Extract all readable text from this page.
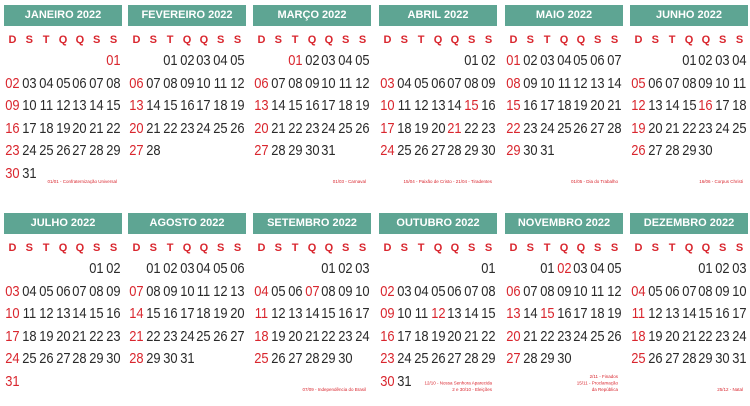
JANEIRO 2022
D S T Q Q S S
01
02 03 04 05 06 07 08
09 10 11 12 13 14 15
16 17 18 19 20 21 22
23 24 25 26 27 28 29
30 31	01/01 - Confraternização Universal
FEVEREIRO 2022
D S T Q Q S S
01 02 03 04 05
06 07 08 09 10 11 12
13 14 15 16 17 18 19
20 21 22 23 24 25 26
27 28
MARÇO 2022
D S T Q Q S S
01 02 03 04 05
06 07 08 09 10 11 12
13 14 15 16 17 18 19
20 21 22 23 24 25 26
27 28 29 30 31
01/03 - Carnaval
ABRIL 2022
D S T Q Q S S
01 02
03 04 05 06 07 08 09
10 11 12 13 14 15 16
17 18 19 20 21 22 23
24 25 26 27 28 29 30
15/04 - Paixão de Cristo - 21/04 - Tiradentes
MAIO 2022
D S T Q Q S S
01 02 03 04 05 06 07
08 09 10 11 12 13 14
15 16 17 18 19 20 21
22 23 24 25 26 27 28
29 30 31
01/05 - Dia do Trabalho
JUNHO 2022
D S T Q Q S S
01 02 03 04
05 06 07 08 09 10 11
12 13 14 15 16 17 18
19 20 21 22 23 24 25
26 27 28 29 30
16/06 - Corpus Christi
JULHO 2022
D S T Q Q S S
01 02
03 04 05 06 07 08 09
10 11 12 13 14 15 16
17 18 19 20 21 22 23
24 25 26 27 28 29 30
31
AGOSTO 2022
D S T Q Q S S
01 02 03 04 05 06
07 08 09 10 11 12 13
14 15 16 17 18 19 20
21 22 23 24 25 26 27
28 29 30 31
SETEMBRO 2022
D S T Q Q S S
01 02 03
04 05 06 07 08 09 10
11 12 13 14 15 16 17
18 19 20 21 22 23 24
25 26 27 28 29 30
07/09 - Independência do Brasil
OUTUBRO 2022
D S T Q Q S S
01
02 03 04 05 06 07 08
09 10 11 12 13 14 15
16 17 18 19 20 21 22
23 24 25 26 27 28 29
30 31	12/10 - Nossa Senhora Aparecida
2 e 30/10 - Eleições
NOVEMBRO 2022
D S T Q Q S S
01 02 03 04 05
06 07 08 09 10 11 12
13 14 15 16 17 18 19
20 21 22 23 24 25 26
27 28 29 30
2/11 - Finados
15/11 - Proclamação
da República
DEZEMBRO 2022
D S T Q Q S S
01 02 03
04 05 06 07 08 09 10
11 12 13 14 15 16 17
18 19 20 21 22 23 24
25 26 27 28 29 30 31
25/12 - Natal
